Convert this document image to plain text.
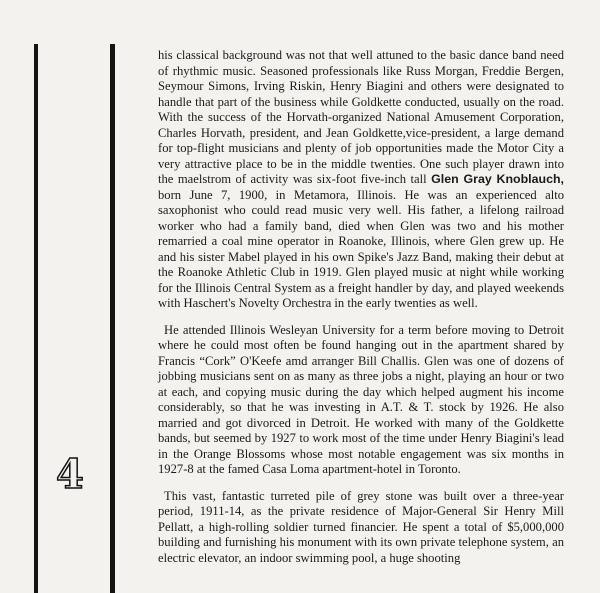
4

his classical background was not that well attuned to the basic dance band need of rhythmic music. Seasoned professionals like Russ Morgan, Freddie Bergen, Seymour Simons, Irving Riskin, Henry Biagini and others were designated to handle that part of the business while Goldkette conducted, usually on the road. With the success of the Horvath-organized National Amusement Corporation, Charles Horvath, president, and Jean Goldkette,vice-president, a large demand for top-flight musicians and plenty of job opportunities made the Motor City a very attractive place to be in the middle twenties. One such player drawn into the maelstrom of activity was six-foot five-inch tall Glen Gray Knoblauch, born June 7, 1900, in Metamora, Illinois. He was an experienced alto saxophonist who could read music very well. His father, a lifelong railroad worker who had a family band, died when Glen was two and his mother remarried a coal mine operator in Roanoke, Illinois, where Glen grew up. He and his sister Mabel played in his own Spike's Jazz Band, making their debut at the Roanoke Athletic Club in 1919. Glen played music at night while working for the Illinois Central System as a freight handler by day, and played weekends with Haschert's Novelty Orchestra in the early twenties as well.

He attended Illinois Wesleyan University for a term before moving to Detroit where he could most often be found hanging out in the apartment shared by Francis “Cork” O'Keefe amd arranger Bill Challis. Glen was one of dozens of jobbing musicians sent on as many as three jobs a night, playing an hour or two at each, and copying music during the day which helped augment his income considerably, so that he was investing in A.T. & T. stock by 1926. He also married and got divorced in Detroit. He worked with many of the Goldkette bands, but seemed by 1927 to work most of the time under Henry Biagini's lead in the Orange Blossoms whose most notable engagement was six months in 1927-8 at the famed Casa Loma apartment-hotel in Toronto.

This vast, fantastic turreted pile of grey stone was built over a three-year period, 1911-14, as the private residence of Major-General Sir Henry Mill Pellatt, a high-rolling soldier turned financier. He spent a total of $5,000,000 building and furnishing his monument with its own private telephone system, an electric elevator, an indoor swimming pool, a huge shooting
